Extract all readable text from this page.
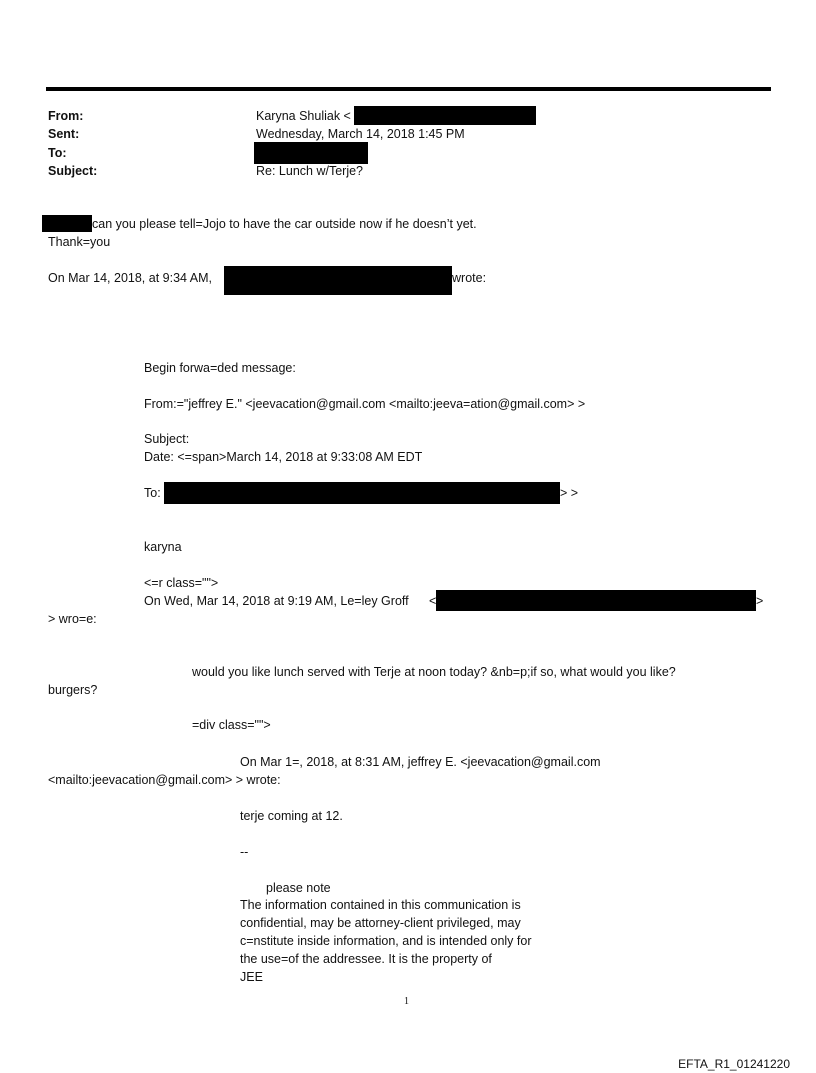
From:	Karyna Shuliak <
Sent:	Wednesday, March 14, 2018 1:45 PM
To:
Subject:	Re: Lunch w/Terje?
can you please tell=Jojo to have the car outside now if he doesn’t yet.
Thank=you
On Mar 14, 2018, at 9:34 AM,	wrote:
Begin forwa=ded message:
From:="jeffrey E." <jeevacation@gmail.com <mailto:jeeva=ation@gmail.com> >
Subject:
Date: <=span>March 14, 2018 at 9:33:08 AM EDT
To:	> >
karyna
<=r class="">
On Wed, Mar 14, 2018 at 9:19 AM, Le=ley Groff <	>
> wro=e:
would you like lunch served with Terje at noon today? &nb=p;if so, what would you like?
burgers?
=div class="">
On Mar 1=, 2018, at 8:31 AM, jeffrey E. <jeevacation@gmail.com
<mailto:jeevacation@gmail.com> > wrote:
terje coming at 12.
--
please note
The information contained in this communication is
confidential, may be attorney-client privileged, may
c=nstitute inside information, and is intended only for
the use=of the addressee. It is the property of
JEE
1
EFTA_R1_01241220
